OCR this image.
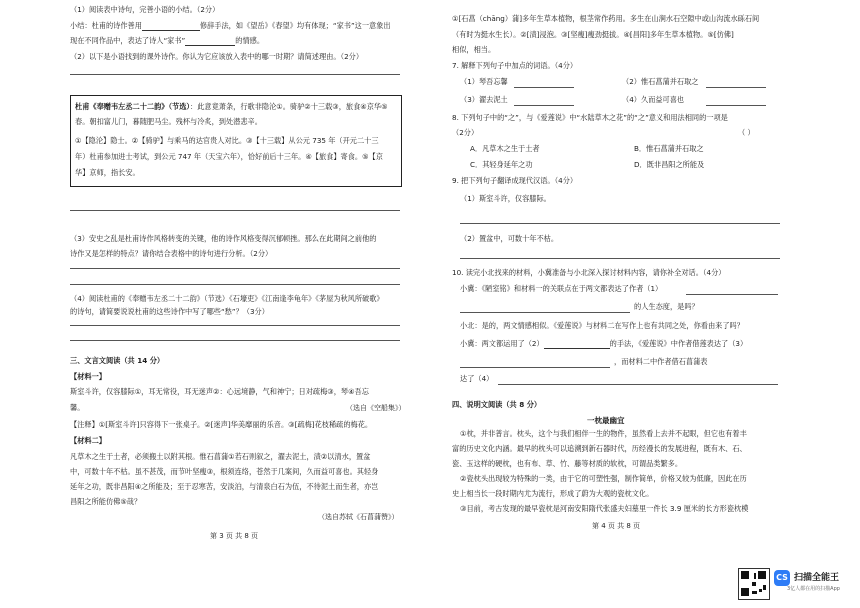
（1）阅读表中诗句，完善小语的小结。（2分）
小结：杜甫的诗作善用	修辞手法，如《望岳》《春望》均有体现；“家书”这一意象出
现在不同作品中，表达了诗人“家书”	的情感。
（2）以下是小语找到的课外诗作。你认为它应该放入表中的哪一时期？请简述理由。（2分）
杜甫《奉赠韦左丞二十二韵》（节选）：此意竟萧条，行歌非隐沦①。骑驴②十三载③，旅食④京华⑤
春。朝扣富儿门，暮随肥马尘。残杯与冷炙，到处潜悲辛。
①【隐沦】隐士。②【骑驴】与乘马的达官贵人对比。③【十三载】从公元 735 年（开元二十三
年）杜甫参加进士考试，到公元 747 年（天宝六年），恰好前后十三年。④【旅食】寄食。⑤【京
华】京师，指长安。
（3）安史之乱是杜甫诗作风格转变的关键，他的诗作风格变得沉郁顿挫。那么在此期间之前他的
诗作又是怎样的特点？请你结合表格中的诗句进行分析。（2分）
（4）阅读杜甫的《奉赠韦左丞二十二韵》（节选）《石壕吏》《江南逢李龟年》《茅屋为秋风所破歌》
的诗句，请简要说说杜甫的这些诗作中写了哪些“愁”？（3分）
三、文言文阅读（共 14 分）
【材料一】
斯室斗许，仅容膝际①，耳无常役，耳无迷声②：心远境静，气和神宁；日对疏梅③，琴④吾忘
馨。	（选自《空船集》）
【注释】①[斯室斗许]只容得下一张桌子。②[迷声]华美靡丽的乐音。③[疏梅]花枝稀疏的梅花。
【材料二】
凡草木之生于土者，必须搬土以附其根。惟石菖蒲①若石则叙之，濯去泥土，渍②以清水，置盆
中，可数十年不枯。虽不甚茂，而节叶坚瘦③，根须连络，苍然于几案间，久而益可喜也。其轻身
延年之功，既非昌阳④之所能及；至于忍寒苦，安淡泊，与清泉白石为伍，不待泥土而生者，亦岂
昌阳之所能仿佛⑤哉？
（选自苏轼《石菖蒲赞》）
第 3 页 共 8 页
①[石菖（chāng）蒲]多年生草本植物，根茎常作药用。多生在山涧水石空隙中或山沟流水砾石间
（有时为挺水生长）。②[渍]浸泡。③[坚瘦]瘦劲挺拔。④[昌阳]多年生草本植物。⑤[仿佛]
相似，相当。
7. 解释下列句子中加点的词语。（4分）
（1）琴吾忘馨	（2）惟石菖蒲并石取之
（3）濯去泥土	（4）久而益可喜也
8. 下列句子中的“之”，与《爱莲说》中“水陆草木之花”的“之”意义和用法相同的一项是
（2分）	（ ）
A．凡草木之生于土者	B．惟石菖蒲并石取之
C．其轻身延年之功	D．既非昌阳之所能及
9. 把下列句子翻译成现代汉语。（4分）
（1）斯室斗许，仅容膝际。
（2）置盆中，可数十年不枯。
10. 读完小北找来的材料，小冀准备与小北深入探讨材料内容，请你补全对话。（4分）
小冀：《陋室铭》和材料一的关联点在于两文都表达了作者（1）
的人生态度，是吗？
小北：是的，两文情感相似。《爱莲说》与材料二在写作上也有共同之处，你看由来了吗？
小冀：两文都运用了（2）	的手法，《爱莲说》中作者借莲表达了（3）
，而材料二中作者借石菖蒲表
达了（4）
四、说明文阅读（共 8 分）
一枕最幽宜
①枕，并非普言。枕头，这个与我们相伴一生的物件，虽然看上去并不起眼，但它也有着丰
富的历史文化内涵。最早的枕头可以追溯到新石器时代，历经漫长的发展进程，既有木、石、
瓷、玉这样的硬枕，也有布、草、竹、藤等材质的软枕，可谓品类繁多。
②瓷枕头出现较为特殊的一类，由于它的可塑性强，制作简单，价格又较为低廉，因此在历
史上相当长一段时期内尤为流行，形成了蔚为大观的瓷枕文化。
③目前，考古发现的最早瓷枕是河南安阳隋代张盛夫妇墓里一件长 3.9 厘米的长方形瓷枕模
第 4 页 共 8 页
CS 扫描全能王
3亿人都在用的扫描App
